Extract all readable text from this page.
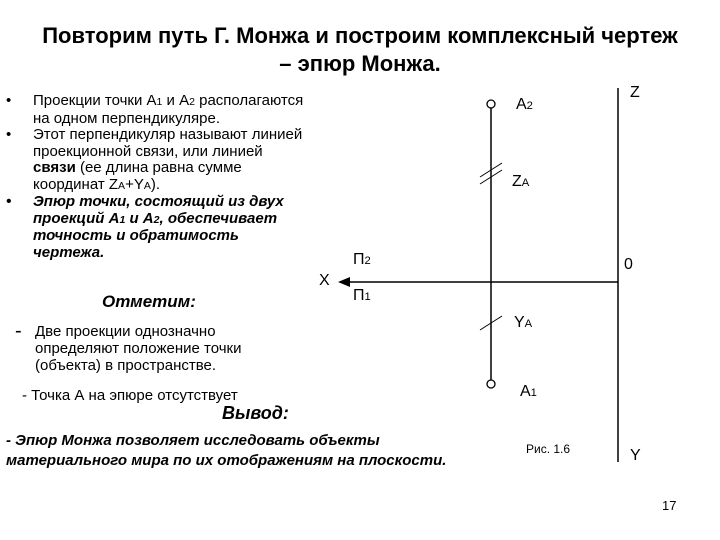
Повторим путь Г. Монжа и построим комплексный чертеж – эпюр Монжа.
• Проекции точки А1 и А2 располагаются на одном перпендикуляре.
• Этот перпендикуляр называют линией проекционной связи, или линией связи (ее длина равна сумме координат ZA+YA).
• Эпюр точки, состоящий из двух проекций А1 и А2, обеспечивает точность и обратимость чертежа.
Отметим:
- Две проекции однозначно определяют положение точки (объекта) в пространстве.
- Точка А на эпюре отсутствует
Вывод:
- Эпюр Монжа позволяет исследовать объекты материального мира по их отображениям на плоскости.
X
П2
П1
0
Z
Y
А2
ZA
YA
А1
Рис. 1.6
17
